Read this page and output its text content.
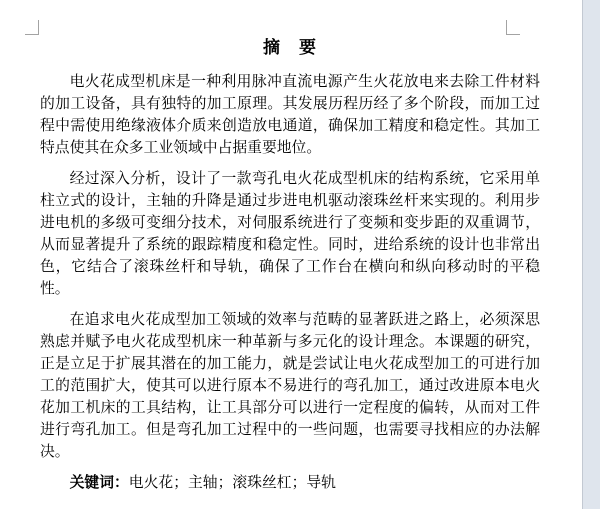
摘　要

电火花成型机床是一种利用脉冲直流电源产生火花放电来去除工件材料的加工设备，具有独特的加工原理。其发展历程历经了多个阶段，而加工过程中需使用绝缘液体介质来创造放电通道，确保加工精度和稳定性。其加工特点使其在众多工业领域中占据重要地位。

经过深入分析，设计了一款弯孔电火花成型机床的结构系统，它采用单柱立式的设计，主轴的升降是通过步进电机驱动滚珠丝杆来实现的。利用步进电机的多级可变细分技术，对伺服系统进行了变频和变步距的双重调节，从而显著提升了系统的跟踪精度和稳定性。同时，进给系统的设计也非常出色，它结合了滚珠丝杆和导轨，确保了工作台在横向和纵向移动时的平稳性。

在追求电火花成型加工领域的效率与范畴的显著跃进之路上，必须深思熟虑并赋予电火花成型机床一种革新与多元化的设计理念。本课题的研究，正是立足于扩展其潜在的加工能力，就是尝试让电火花成型加工的可进行加工的范围扩大，使其可以进行原本不易进行的弯孔加工，通过改进原本电火花加工机床的工具结构，让工具部分可以进行一定程度的偏转，从而对工件进行弯孔加工。但是弯孔加工过程中的一些问题，也需要寻找相应的办法解决。

关键词：电火花；主轴；滚珠丝杠；导轨
